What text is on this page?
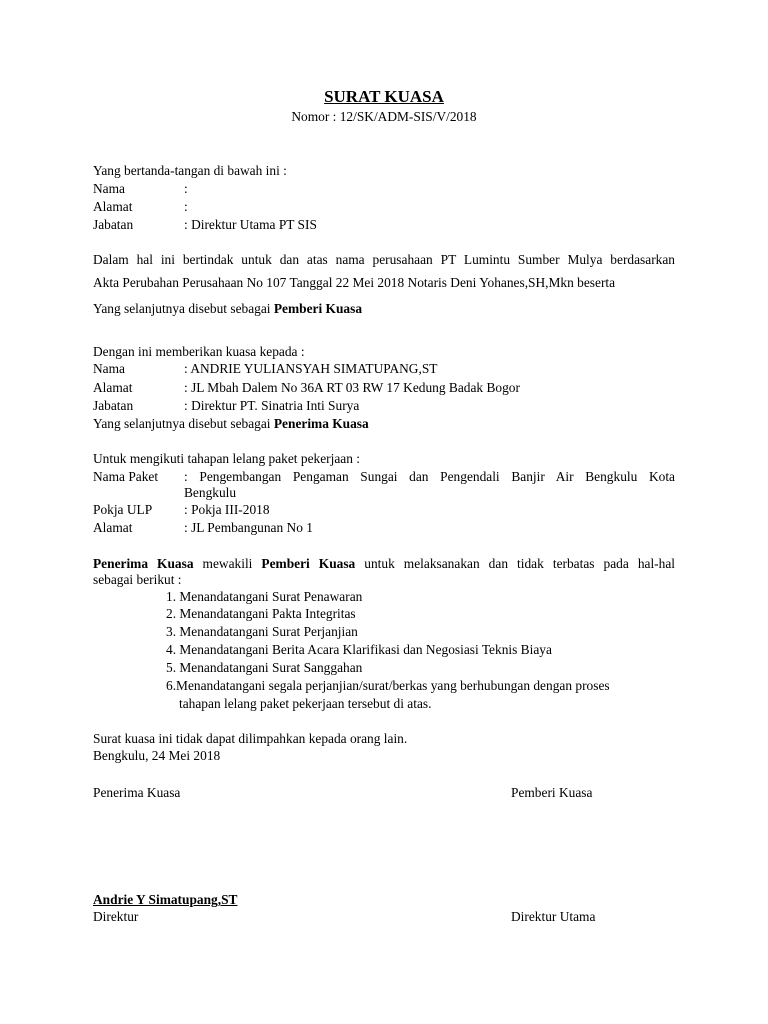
SURAT KUASA
Nomor : 12/SK/ADM-SIS/V/2018
Yang bertanda-tangan di bawah ini :
Nama	:
Alamat	:
Jabatan	: Direktur Utama PT SIS
Dalam hal ini bertindak untuk dan atas nama perusahaan PT Lumintu Sumber Mulya berdasarkan
Akta Perubahan Perusahaan No 107 Tanggal 22 Mei 2018 Notaris Deni Yohanes,SH,Mkn beserta
Yang selanjutnya disebut sebagai Pemberi Kuasa
Dengan ini memberikan kuasa kepada :
Nama	: ANDRIE YULIANSYAH SIMATUPANG,ST
Alamat	: JL Mbah Dalem No 36A RT 03 RW 17 Kedung Badak Bogor
Jabatan	: Direktur PT. Sinatria Inti Surya
Yang selanjutnya disebut sebagai Penerima Kuasa
Untuk mengikuti tahapan lelang paket pekerjaan :
Nama Paket : Pengembangan Pengaman Sungai dan Pengendali Banjir Air Bengkulu Kota
Bengkulu
Pokja ULP : Pokja III-2018
Alamat	: JL Pembangunan No 1
Penerima Kuasa mewakili Pemberi Kuasa untuk melaksanakan dan tidak terbatas pada hal-hal
sebagai berikut :
1. Menandatangani Surat Penawaran
2. Menandatangani Pakta Integritas
3. Menandatangani Surat Perjanjian
4. Menandatangani Berita Acara Klarifikasi dan Negosiasi Teknis Biaya
5. Menandatangani Surat Sanggahan
6.Menandatangani segala perjanjian/surat/berkas yang berhubungan dengan proses
tahapan lelang paket pekerjaan tersebut di atas.
Surat kuasa ini tidak dapat dilimpahkan kepada orang lain.
Bengkulu, 24 Mei 2018
Penerima Kuasa	Pemberi Kuasa
Andrie Y Simatupang,ST
Direktur	Direktur Utama
